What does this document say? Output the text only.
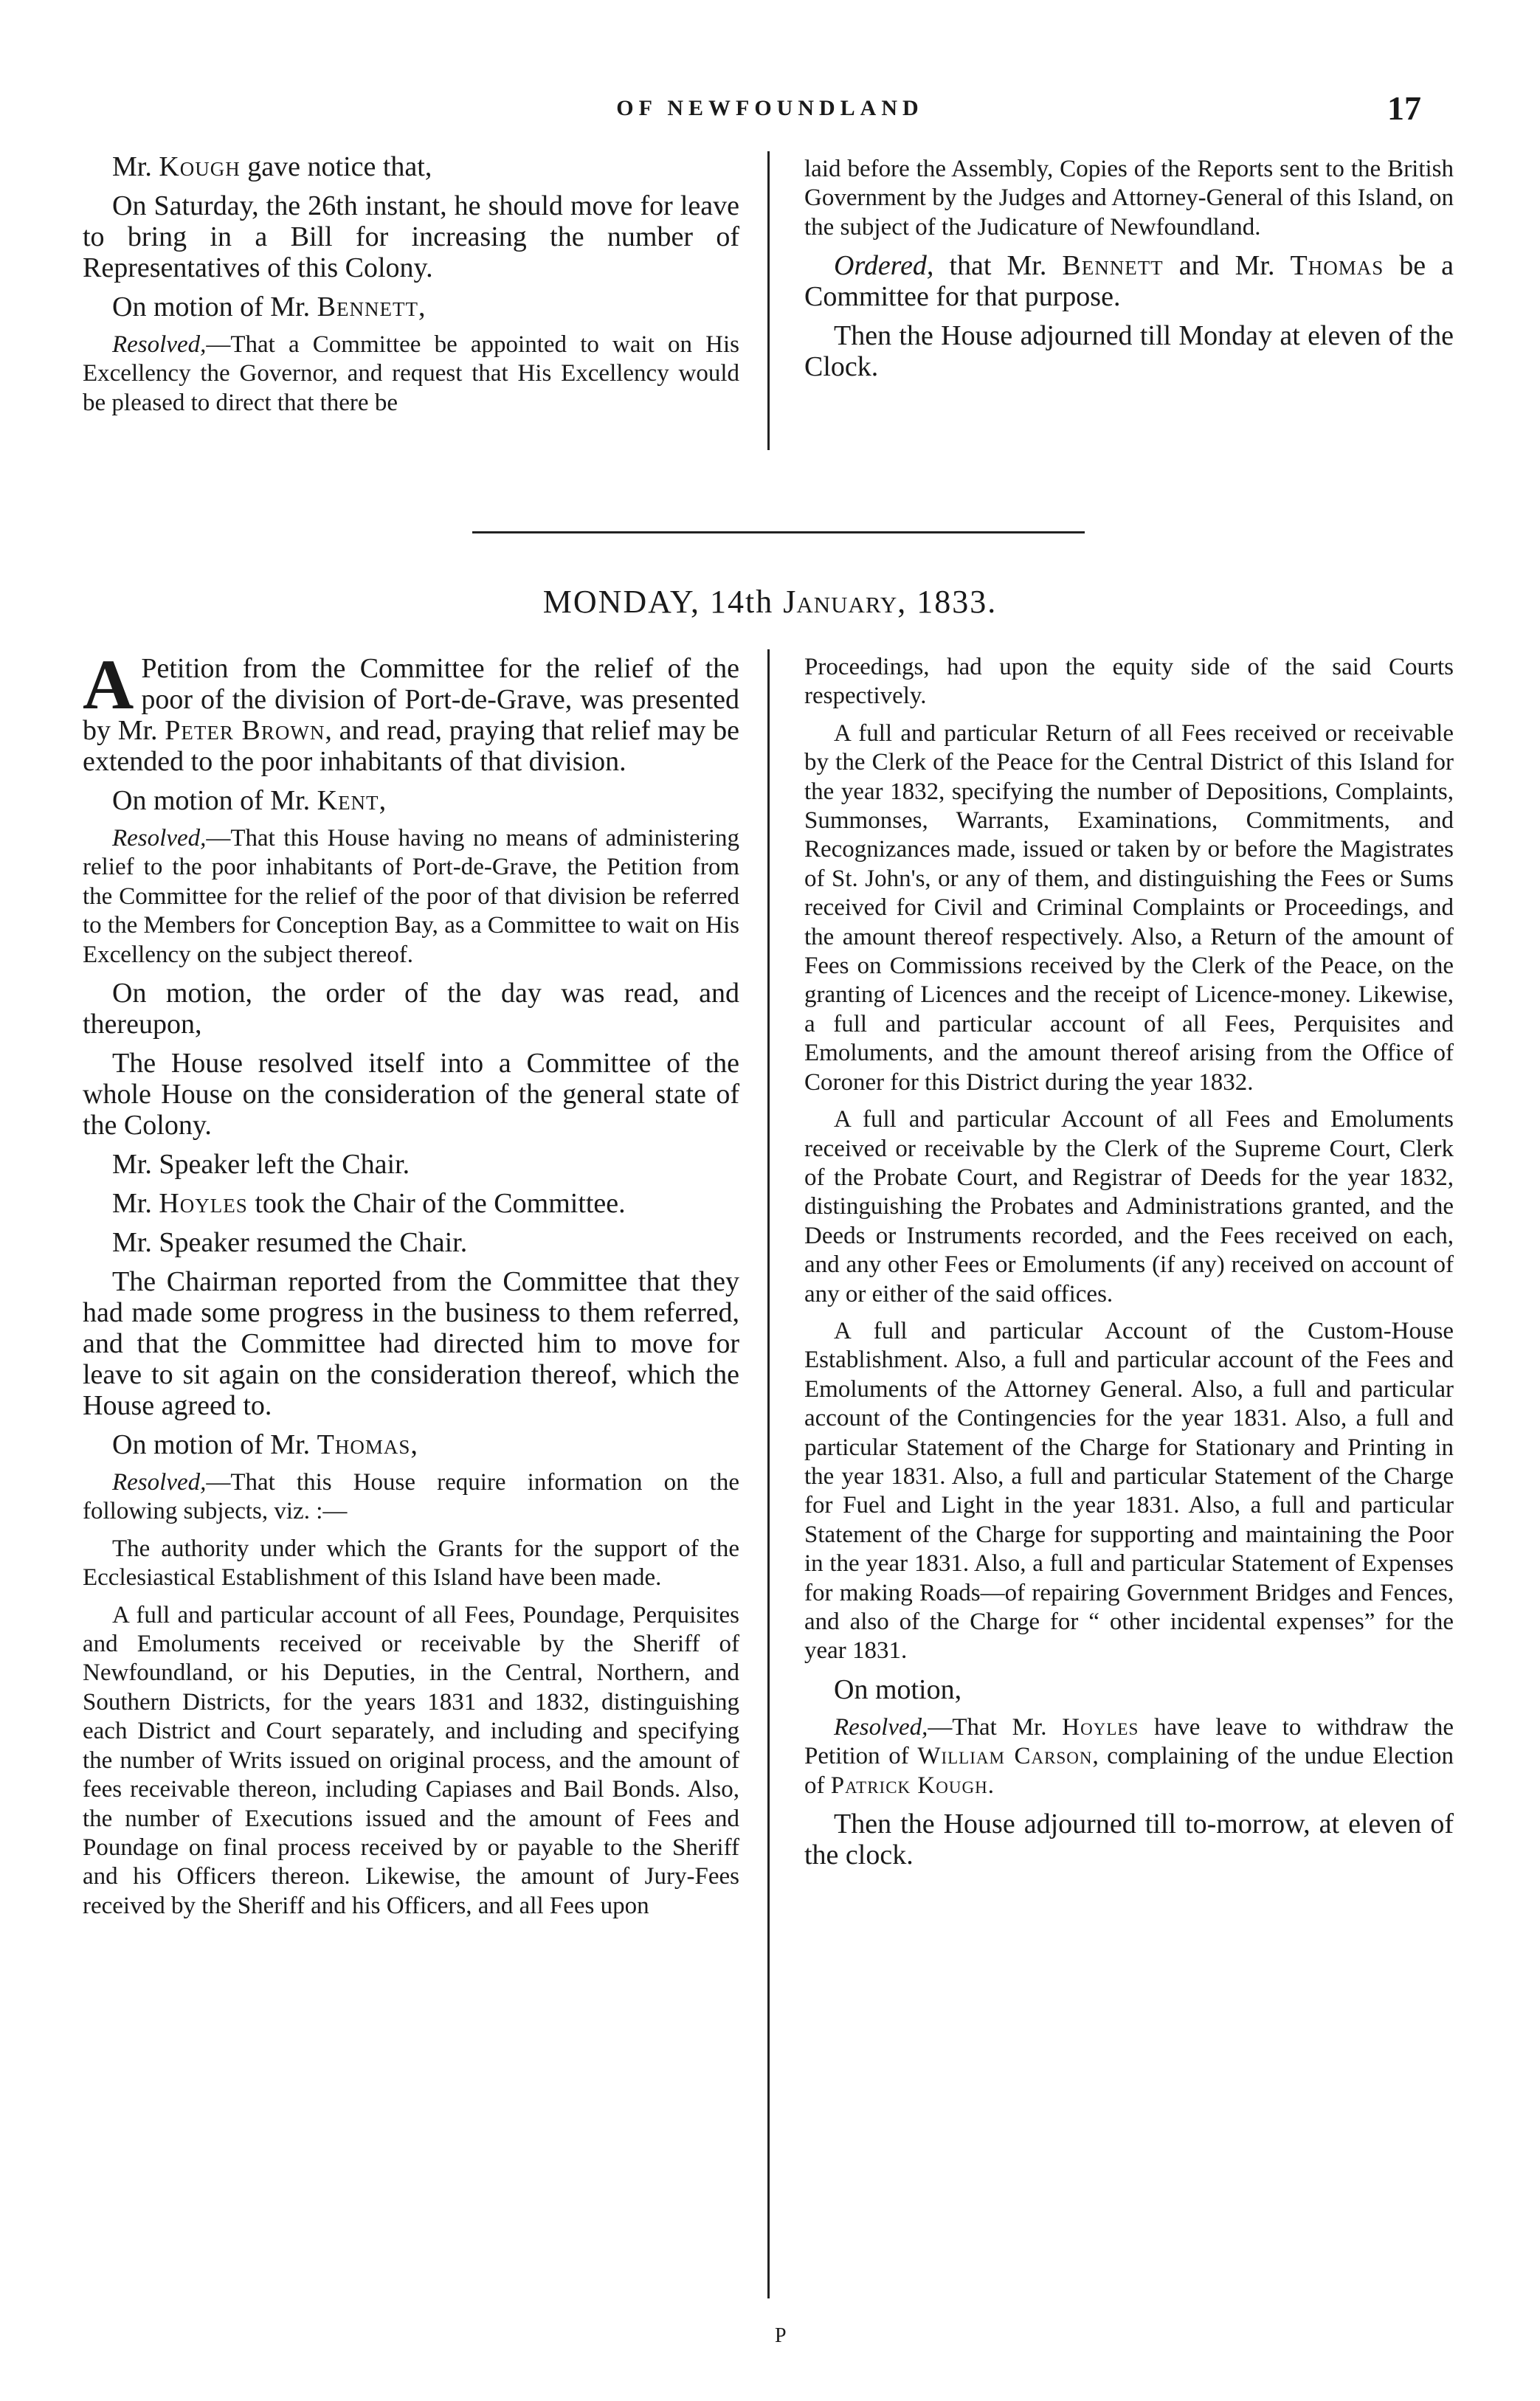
OF NEWFOUNDLAND	17

Mr. Kough gave notice that,

On Saturday, the 26th instant, he should move for leave to bring in a Bill for increasing the number of Representatives of this Colony.

On motion of Mr. Bennett,

Resolved,—That a Committee be appointed to wait on His Excellency the Governor, and request that His Excellency would be pleased to direct that there be

laid before the Assembly, Copies of the Reports sent to the British Government by the Judges and Attorney-General of this Island, on the subject of the Judicature of Newfoundland.

Ordered, that Mr. Bennett and Mr. Thomas be a Committee for that purpose.

Then the House adjourned till Monday at eleven of the Clock.

MONDAY, 14th January, 1833.

A Petition from the Committee for the relief of the poor of the division of Port-de-Grave, was presented by Mr. Peter Brown, and read, praying that relief may be extended to the poor inhabitants of that division.

On motion of Mr. Kent,

Resolved,—That this House having no means of administering relief to the poor inhabitants of Port-de-Grave, the Petition from the Committee for the relief of the poor of that division be referred to the Members for Conception Bay, as a Committee to wait on His Excellency on the subject thereof.

On motion, the order of the day was read, and thereupon,

The House resolved itself into a Committee of the whole House on the consideration of the general state of the Colony.

Mr. Speaker left the Chair.

Mr. Hoyles took the Chair of the Committee.

Mr. Speaker resumed the Chair.

The Chairman reported from the Committee that they had made some progress in the business to them referred, and that the Committee had directed him to move for leave to sit again on the consideration thereof, which the House agreed to.

On motion of Mr. Thomas,

Resolved,—That this House require information on the following subjects, viz. :—

The authority under which the Grants for the support of the Ecclesiastical Establishment of this Island have been made.

A full and particular account of all Fees, Poundage, Perquisites and Emoluments received or receivable by the Sheriff of Newfoundland, or his Deputies, in the Central, Northern, and Southern Districts, for the years 1831 and 1832, distinguishing each District and Court separately, and including and specifying the number of Writs issued on original process, and the amount of fees receivable thereon, including Capiases and Bail Bonds. Also, the number of Executions issued and the amount of Fees and Poundage on final process received by or payable to the Sheriff and his Officers thereon. Likewise, the amount of Jury-Fees received by the Sheriff and his Officers, and all Fees upon

Proceedings, had upon the equity side of the said Courts respectively.

A full and particular Return of all Fees received or receivable by the Clerk of the Peace for the Central District of this Island for the year 1832, specifying the number of Depositions, Complaints, Summonses, Warrants, Examinations, Commitments, and Recognizances made, issued or taken by or before the Magistrates of St. John's, or any of them, and distinguishing the Fees or Sums received for Civil and Criminal Complaints or Proceedings, and the amount thereof respectively. Also, a Return of the amount of Fees on Commissions received by the Clerk of the Peace, on the granting of Licences and the receipt of Licence-money. Likewise, a full and particular account of all Fees, Perquisites and Emoluments, and the amount thereof arising from the Office of Coroner for this District during the year 1832.

A full and particular Account of all Fees and Emoluments received or receivable by the Clerk of the Supreme Court, Clerk of the Probate Court, and Registrar of Deeds for the year 1832, distinguishing the Probates and Administrations granted, and the Deeds or Instruments recorded, and the Fees received on each, and any other Fees or Emoluments (if any) received on account of any or either of the said offices.

A full and particular Account of the Custom-House Establishment. Also, a full and particular account of the Fees and Emoluments of the Attorney General. Also, a full and particular account of the Contingencies for the year 1831. Also, a full and particular Statement of the Charge for Stationary and Printing in the year 1831. Also, a full and particular Statement of the Charge for Fuel and Light in the year 1831. Also, a full and particular Statement of the Charge for supporting and maintaining the Poor in the year 1831. Also, a full and particular Statement of Expenses for making Roads—of repairing Government Bridges and Fences, and also of the Charge for “ other incidental expenses” for the year 1831.

On motion,

Resolved,—That Mr. Hoyles have leave to withdraw the Petition of William Carson, complaining of the undue Election of Patrick Kough.

Then the House adjourned till to-morrow, at eleven of the clock.

P
